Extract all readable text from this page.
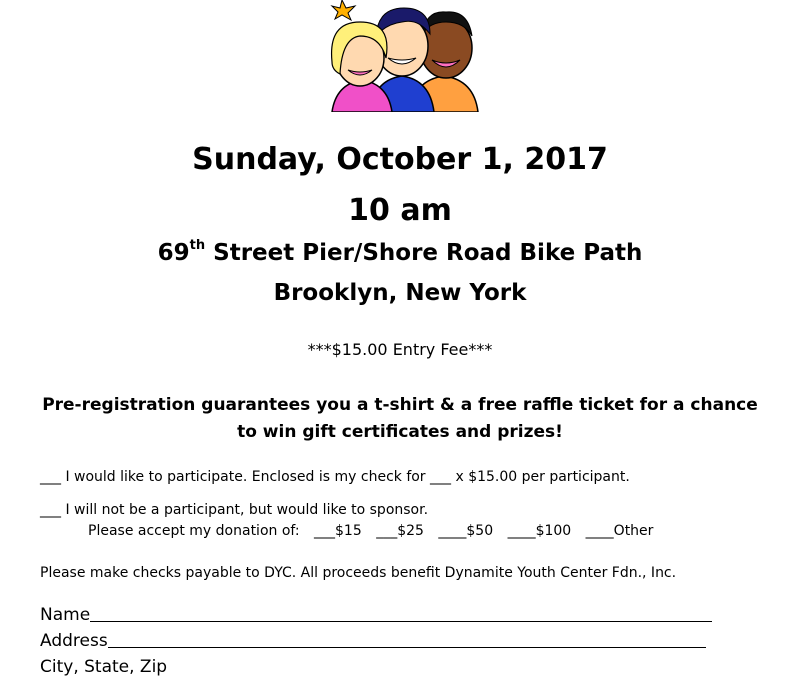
Sunday, October 1, 2017
10 am
69th Street Pier/Shore Road Bike Path
Brooklyn, New York
***$15.00 Entry Fee***
Pre-registration guarantees you a t-shirt & a free raffle ticket for a chance
to win gift certificates and prizes!
___ I would like to participate. Enclosed is my check for ___ x $15.00 per participant.
___ I will not be a participant, but would like to sponsor.
Please accept my donation of: ___$15 ___$25 ____$50 ____$100 ____Other
Please make checks payable to DYC. All proceeds benefit Dynamite Youth Center Fdn., Inc.
Name
Address
City, State, Zip
